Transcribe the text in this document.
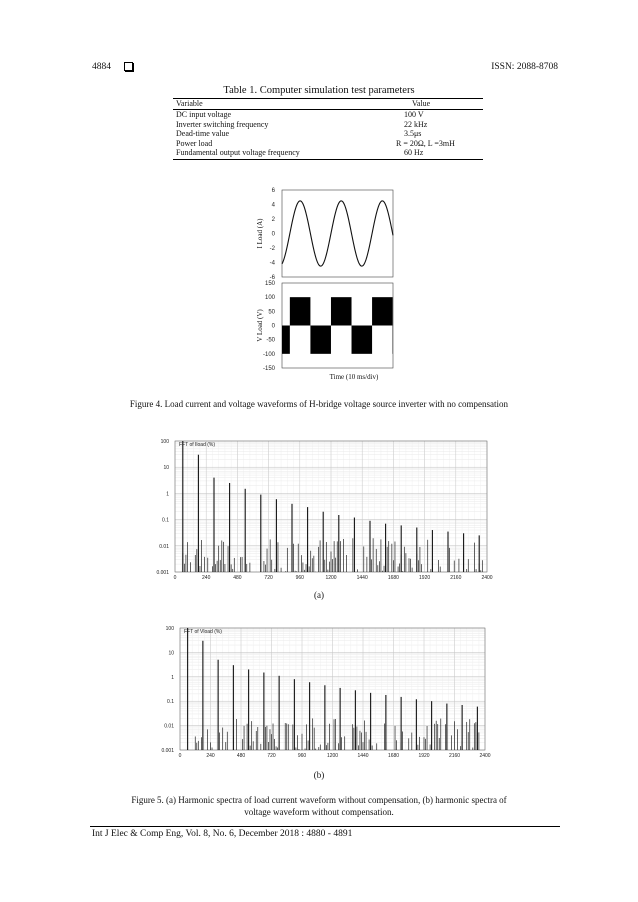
4884	ISSN: 2088-8708
Table 1. Computer simulation test parameters
Variable	Value
DC input voltage	100 V
Inverter switching frequency	22 kHz
Dead-time value	3.5μs
Power load	R = 20Ω, L =3mH
Fundamental output voltage frequency	60 Hz
6
4
2
0
-2
-4
-6
I Load (A)
150
100
50
0
-50
-100
-150
V Load (V)
Time (10 ms/div)
Figure 4. Load current and voltage waveforms of H-bridge voltage source inverter with no compensation
100
10
1
0.1
0.01
0.001
0	240	480	720	960	1200	1440	1680	1920	2160	2400
FFT of Iload (%)
(a)
100
10
1
0.1
0.01
0.001
0	240	480	720	960	1200	1440	1680	1920	2160	2400
FFT of Vload (%)
(b)
Figure 5. (a) Harmonic spectra of load current waveform without compensation, (b) harmonic spectra of
voltage waveform without compensation.
Int J Elec & Comp Eng, Vol. 8, No. 6, December 2018 : 4880 - 4891
